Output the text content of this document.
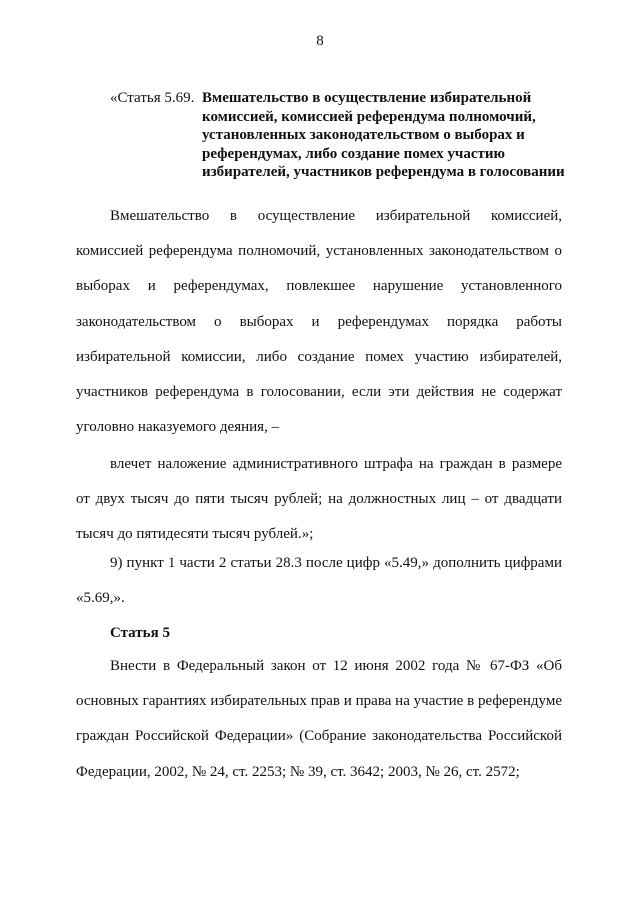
8
«Статья 5.69. Вмешательство в осуществление избирательной комиссией, комиссией референдума полномочий, установленных законодательством о выборах и референдумах, либо создание помех участию избирателей, участников референдума в голосовании

Вмешательство в осуществление избирательной комиссией, комиссией референдума полномочий, установленных законодательством о выборах и референдумах, повлекшее нарушение установленного законодательством о выборах и референдумах порядка работы избирательной комиссии, либо создание помех участию избирателей, участников референдума в голосовании, если эти действия не содержат уголовно наказуемого деяния, –

влечет наложение административного штрафа на граждан в размере от двух тысяч до пяти тысяч рублей; на должностных лиц – от двадцати тысяч до пятидесяти тысяч рублей.»;

9) пункт 1 части 2 статьи 28.3 после цифр «5.49,» дополнить цифрами «5.69,».

Статья 5

Внести в Федеральный закон от 12 июня 2002 года № 67-ФЗ «Об основных гарантиях избирательных прав и права на участие в референдуме граждан Российской Федерации» (Собрание законодательства Российской Федерации, 2002, № 24, ст. 2253; № 39, ст. 3642; 2003, № 26, ст. 2572;
